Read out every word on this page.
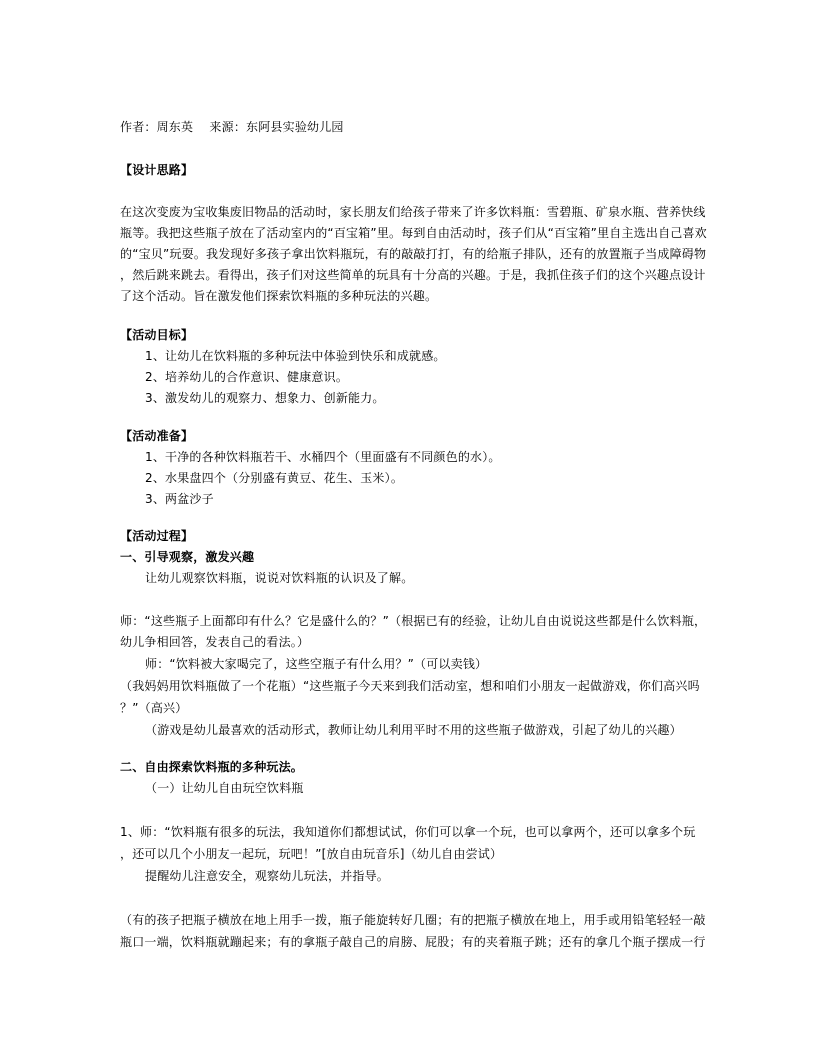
作者：周东英　 来源：东阿县实验幼儿园
【设计思路】
在这次变废为宝收集废旧物品的活动时，家长朋友们给孩子带来了许多饮料瓶：雪碧瓶、矿泉水瓶、营养快线
瓶等。我把这些瓶子放在了活动室内的“百宝箱”里。每到自由活动时，孩子们从“百宝箱”里自主选出自己喜欢
的“宝贝”玩耍。我发现好多孩子拿出饮料瓶玩，有的敲敲打打，有的给瓶子排队，还有的放置瓶子当成障碍物
，然后跳来跳去。看得出，孩子们对这些简单的玩具有十分高的兴趣。于是，我抓住孩子们的这个兴趣点设计
了这个活动。旨在激发他们探索饮料瓶的多种玩法的兴趣。
【活动目标】
1、让幼儿在饮料瓶的多种玩法中体验到快乐和成就感。
2、培养幼儿的合作意识、健康意识。
3、激发幼儿的观察力、想象力、创新能力。
【活动准备】
1、干净的各种饮料瓶若干、水桶四个（里面盛有不同颜色的水）。
2、水果盘四个（分别盛有黄豆、花生、玉米）。
3、两盆沙子
【活动过程】
一、引导观察，激发兴趣
让幼儿观察饮料瓶，说说对饮料瓶的认识及了解。
师：“这些瓶子上面都印有什么？它是盛什么的？”（根据已有的经验，让幼儿自由说说这些都是什么饮料瓶，
幼儿争相回答，发表自己的看法。）
师：“饮料被大家喝完了，这些空瓶子有什么用？”（可以卖钱）
（我妈妈用饮料瓶做了一个花瓶）“这些瓶子今天来到我们活动室，想和咱们小朋友一起做游戏，你们高兴吗
？”（高兴）
（游戏是幼儿最喜欢的活动形式，教师让幼儿利用平时不用的这些瓶子做游戏，引起了幼儿的兴趣）
二、自由探索饮料瓶的多种玩法。
（一）让幼儿自由玩空饮料瓶
1、师：“饮料瓶有很多的玩法，我知道你们都想试试，你们可以拿一个玩，也可以拿两个，还可以拿多个玩
，还可以几个小朋友一起玩，玩吧！”[放自由玩音乐]（幼儿自由尝试）
提醒幼儿注意安全，观察幼儿玩法，并指导。
（有的孩子把瓶子横放在地上用手一拨，瓶子能旋转好几圈；有的把瓶子横放在地上，用手或用铅笔轻轻一敲
瓶口一端，饮料瓶就蹦起来；有的拿瓶子敲自己的肩膀、屁股；有的夹着瓶子跳；还有的拿几个瓶子摆成一行
